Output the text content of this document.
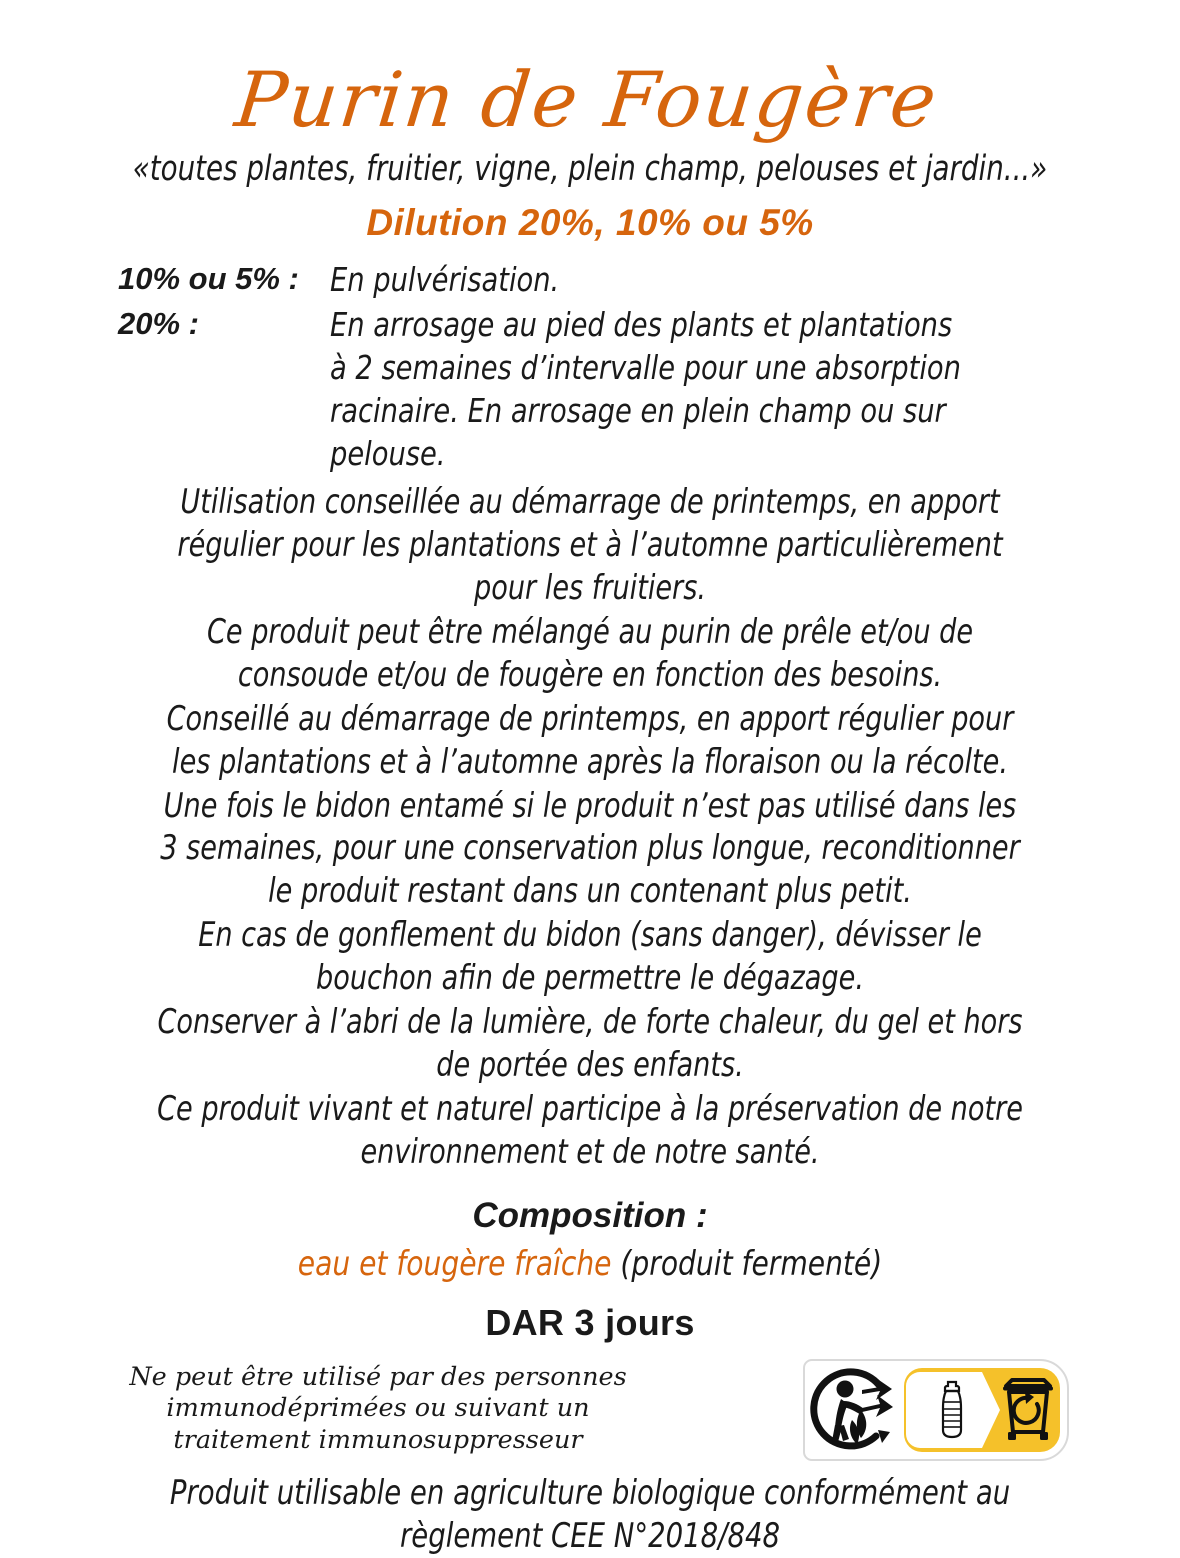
Purin de Fougère
«toutes plantes, fruitier, vigne, plein champ, pelouses et jardin...»
Dilution 20%, 10% ou 5%
10% ou 5% : En pulvérisation.
20% :	En arrosage au pied des plants et plantations à 2 semaines d’intervalle pour une absorption racinaire. En arrosage en plein champ ou sur pelouse.

Utilisation conseillée au démarrage de printemps, en apport régulier pour les plantations et à l’automne particulièrement pour les fruitiers.

Ce produit peut être mélangé au purin de prêle et/ou de consoude et/ou de fougère en fonction des besoins.

Conseillé au démarrage de printemps, en apport régulier pour les plantations et à l’automne après la floraison ou la récolte.

Une fois le bidon entamé si le produit n’est pas utilisé dans les 3 semaines, pour une conservation plus longue, reconditionner le produit restant dans un contenant plus petit.

En cas de gonflement du bidon (sans danger), dévisser le bouchon afin de permettre le dégazage.

Conserver à l’abri de la lumière, de forte chaleur, du gel et hors de portée des enfants.

Ce produit vivant et naturel participe à la préservation de notre environnement et de notre santé.

Composition :
eau et fougère fraîche (produit fermenté)
DAR 3 jours

Ne peut être utilisé par des personnes

immunodéprimées ou suivant un

traitement immunosuppresseur

Produit utilisable en agriculture biologique conformément au

règlement CEE N°2018/848
